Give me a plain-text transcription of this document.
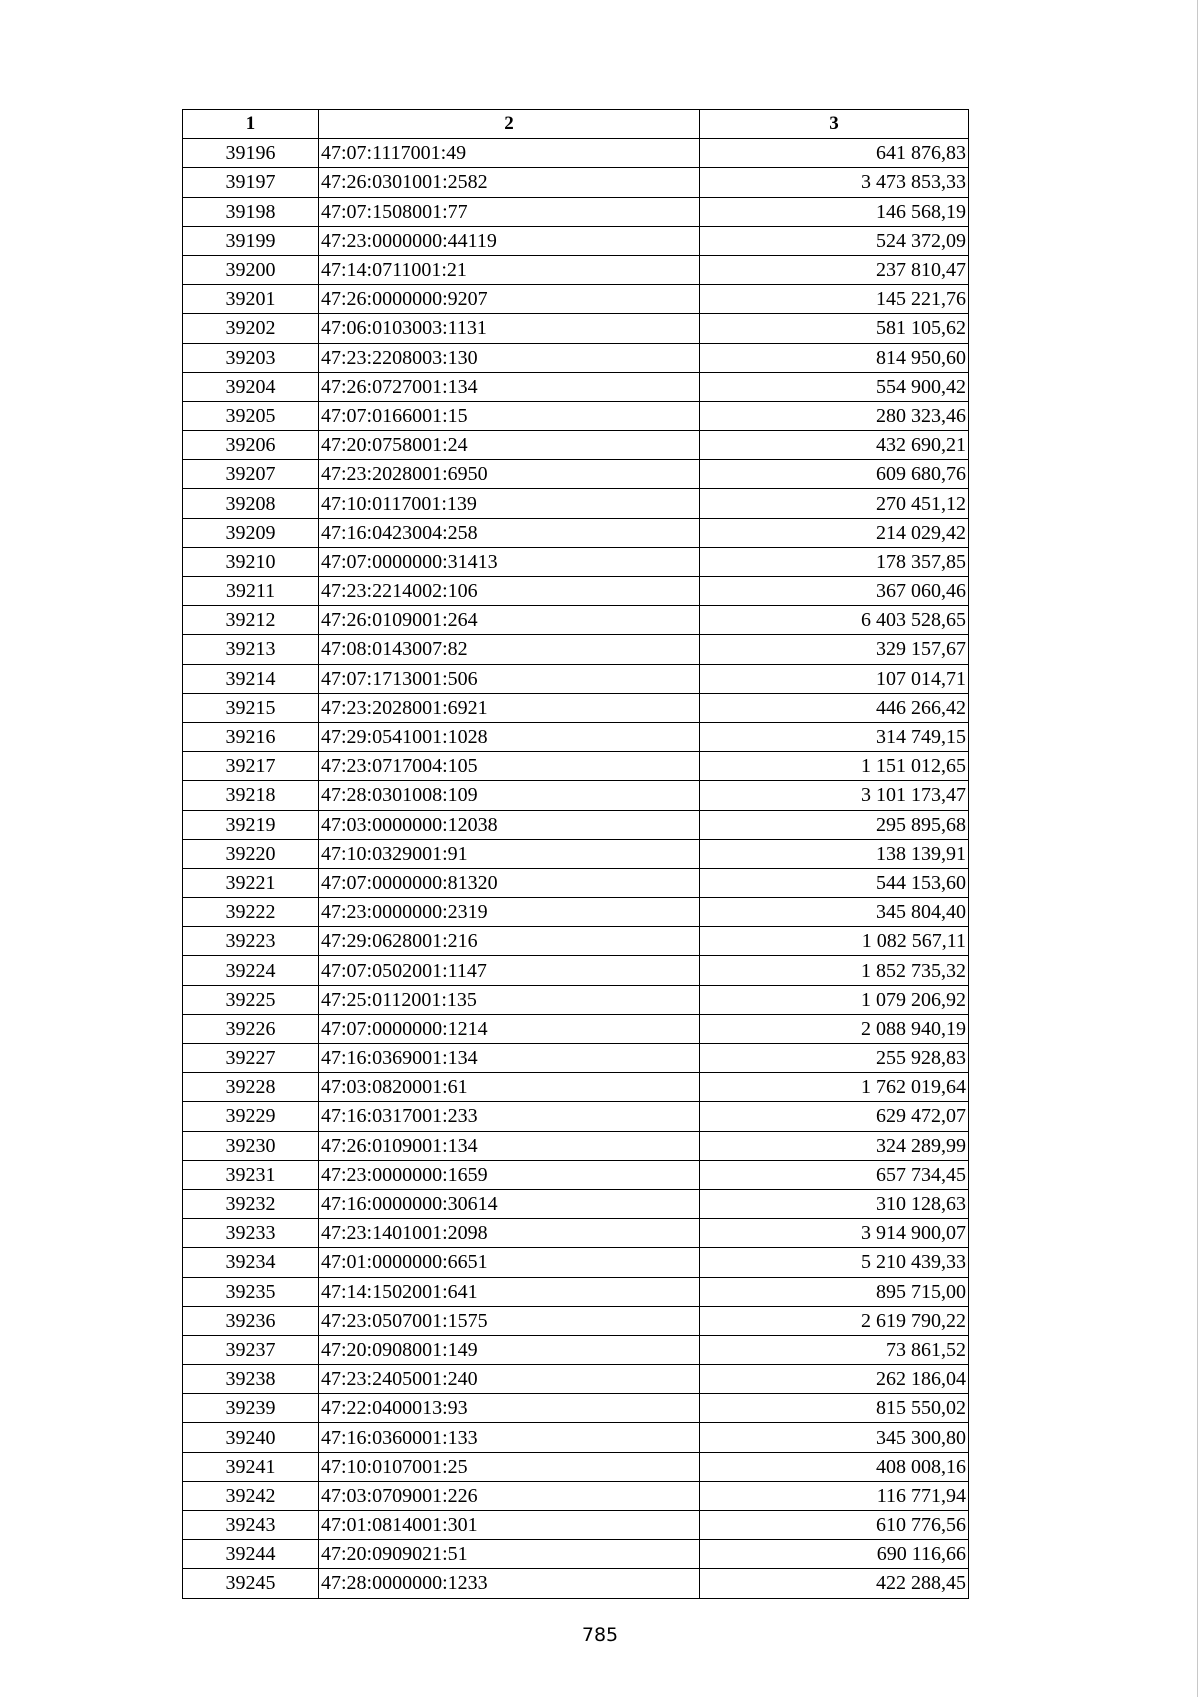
1	2	3
39196	47:07:1117001:49	641 876,83
39197	47:26:0301001:2582	3 473 853,33
39198	47:07:1508001:77	146 568,19
39199	47:23:0000000:44119	524 372,09
39200	47:14:0711001:21	237 810,47
39201	47:26:0000000:9207	145 221,76
39202	47:06:0103003:1131	581 105,62
39203	47:23:2208003:130	814 950,60
39204	47:26:0727001:134	554 900,42
39205	47:07:0166001:15	280 323,46
39206	47:20:0758001:24	432 690,21
39207	47:23:2028001:6950	609 680,76
39208	47:10:0117001:139	270 451,12
39209	47:16:0423004:258	214 029,42
39210	47:07:0000000:31413	178 357,85
39211	47:23:2214002:106	367 060,46
39212	47:26:0109001:264	6 403 528,65
39213	47:08:0143007:82	329 157,67
39214	47:07:1713001:506	107 014,71
39215	47:23:2028001:6921	446 266,42
39216	47:29:0541001:1028	314 749,15
39217	47:23:0717004:105	1 151 012,65
39218	47:28:0301008:109	3 101 173,47
39219	47:03:0000000:12038	295 895,68
39220	47:10:0329001:91	138 139,91
39221	47:07:0000000:81320	544 153,60
39222	47:23:0000000:2319	345 804,40
39223	47:29:0628001:216	1 082 567,11
39224	47:07:0502001:1147	1 852 735,32
39225	47:25:0112001:135	1 079 206,92
39226	47:07:0000000:1214	2 088 940,19
39227	47:16:0369001:134	255 928,83
39228	47:03:0820001:61	1 762 019,64
39229	47:16:0317001:233	629 472,07
39230	47:26:0109001:134	324 289,99
39231	47:23:0000000:1659	657 734,45
39232	47:16:0000000:30614	310 128,63
39233	47:23:1401001:2098	3 914 900,07
39234	47:01:0000000:6651	5 210 439,33
39235	47:14:1502001:641	895 715,00
39236	47:23:0507001:1575	2 619 790,22
39237	47:20:0908001:149	73 861,52
39238	47:23:2405001:240	262 186,04
39239	47:22:0400013:93	815 550,02
39240	47:16:0360001:133	345 300,80
39241	47:10:0107001:25	408 008,16
39242	47:03:0709001:226	116 771,94
39243	47:01:0814001:301	610 776,56
39244	47:20:0909021:51	690 116,66
39245	47:28:0000000:1233	422 288,45
785
